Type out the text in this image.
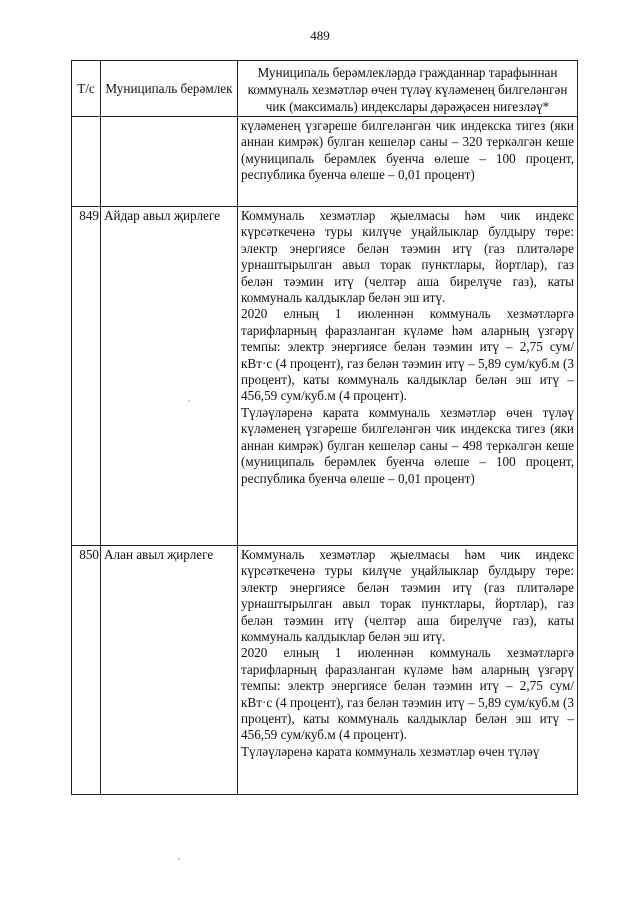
489
Т/с	Муниципаль берәмлек	Муниципаль берәмлекләрдә гражданнар тарафыннан коммуналь хезмәтләр өчен түләү күләменең билгеләнгән чик (максималь) индекслары дәрәҗәсен нигезләү*

		күләменең үзгәреше билгеләнгән чик индекска тигез (яки аннан кимрәк) булган кешеләр саны – 320 теркәлгән кеше (муниципаль берәмлек буенча өлеше – 100 процент, республика буенча өлеше – 0,01 процент)

849	Айдар авыл җирлеге	Коммуналь хезмәтләр җыелмасы һәм чик индекс күрсәткеченә туры килүче уңайлыклар булдыру төре: электр энергиясе белән тәэмин итү (газ плитәләре урнаштырылган авыл торак пунктлары, йортлар), газ белән тәэмин итү (челтәр аша бирелүче газ), каты коммуналь калдыклар белән эш итү.
2020 елның 1 июленнән коммуналь хезмәтләргә тарифларның фаразланган күләме һәм аларның үзгәрү темпы: электр энергиясе белән тәэмин итү – 2,75 сум/кВт·с (4 процент), газ белән тәэмин итү – 5,89 сум/куб.м (3 процент), каты коммуналь калдыклар белән эш итү – 456,59 сум/куб.м (4 процент).
Түләүләренә карата коммуналь хезмәтләр өчен түләү күләменең үзгәреше билгеләнгән чик индекска тигез (яки аннан кимрәк) булган кешеләр саны – 498 теркәлгән кеше (муниципаль берәмлек буенча өлеше – 100 процент, республика буенча өлеше – 0,01 процент)

850	Алан авыл җирлеге	Коммуналь хезмәтләр җыелмасы һәм чик индекс күрсәткеченә туры килүче уңайлыклар булдыру төре: электр энергиясе белән тәэмин итү (газ плитәләре урнаштырылган авыл торак пунктлары, йортлар), газ белән тәэмин итү (челтәр аша бирелүче газ), каты коммуналь калдыклар белән эш итү.
2020 елның 1 июленнән коммуналь хезмәтләргә тарифларның фаразланган күләме һәм аларның үзгәрү темпы: электр энергиясе белән тәэмин итү – 2,75 сум/кВт·с (4 процент), газ белән тәэмин итү – 5,89 сум/куб.м (3 процент), каты коммуналь калдыклар белән эш итү – 456,59 сум/куб.м (4 процент).
Түләүләренә карата коммуналь хезмәтләр өчен түләү
